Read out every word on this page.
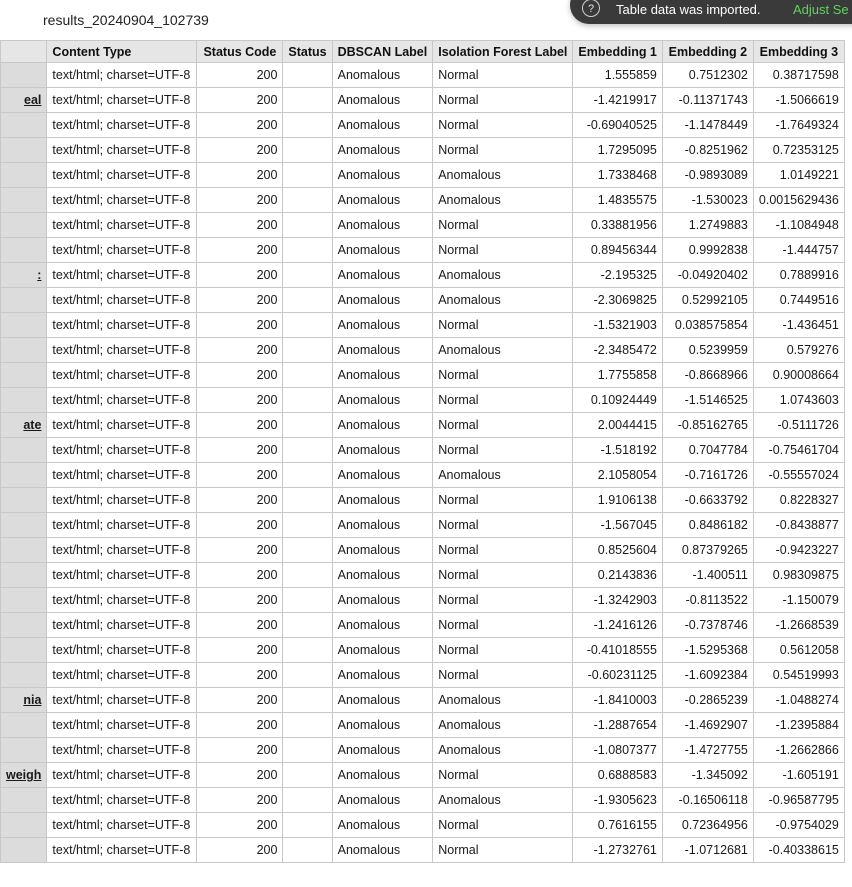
results_20240904_102739
?	Table data was imported. Adjust Se
	Content Type	Status Code	Status	DBSCAN Label	Isolation Forest Label	Embedding 1	Embedding 2	Embedding 3
	text/html; charset=UTF-8	200		Anomalous	Normal	1.555859	0.7512302	0.38717598
eal	text/html; charset=UTF-8	200		Anomalous	Normal	-1.4219917	-0.11371743	-1.5066619
	text/html; charset=UTF-8	200		Anomalous	Normal	-0.69040525	-1.1478449	-1.7649324
	text/html; charset=UTF-8	200		Anomalous	Normal	1.7295095	-0.8251962	0.72353125
	text/html; charset=UTF-8	200		Anomalous	Anomalous	1.7338468	-0.9893089	1.0149221
	text/html; charset=UTF-8	200		Anomalous	Anomalous	1.4835575	-1.530023	0.0015629436
	text/html; charset=UTF-8	200		Anomalous	Normal	0.33881956	1.2749883	-1.1084948
	text/html; charset=UTF-8	200		Anomalous	Normal	0.89456344	0.9992838	-1.444757
:	text/html; charset=UTF-8	200		Anomalous	Anomalous	-2.195325	-0.04920402	0.7889916
	text/html; charset=UTF-8	200		Anomalous	Anomalous	-2.3069825	0.52992105	0.7449516
	text/html; charset=UTF-8	200		Anomalous	Normal	-1.5321903	0.038575854	-1.436451
	text/html; charset=UTF-8	200		Anomalous	Anomalous	-2.3485472	0.5239959	0.579276
	text/html; charset=UTF-8	200		Anomalous	Normal	1.7755858	-0.8668966	0.90008664
	text/html; charset=UTF-8	200		Anomalous	Normal	0.10924449	-1.5146525	1.0743603
ate	text/html; charset=UTF-8	200		Anomalous	Normal	2.0044415	-0.85162765	-0.5111726
	text/html; charset=UTF-8	200		Anomalous	Normal	-1.518192	0.7047784	-0.75461704
	text/html; charset=UTF-8	200		Anomalous	Anomalous	2.1058054	-0.7161726	-0.55557024
	text/html; charset=UTF-8	200		Anomalous	Normal	1.9106138	-0.6633792	0.8228327
	text/html; charset=UTF-8	200		Anomalous	Normal	-1.567045	0.8486182	-0.8438877
	text/html; charset=UTF-8	200		Anomalous	Normal	0.8525604	0.87379265	-0.9423227
	text/html; charset=UTF-8	200		Anomalous	Normal	0.2143836	-1.400511	0.98309875
	text/html; charset=UTF-8	200		Anomalous	Normal	-1.3242903	-0.8113522	-1.150079
	text/html; charset=UTF-8	200		Anomalous	Normal	-1.2416126	-0.7378746	-1.2668539
	text/html; charset=UTF-8	200		Anomalous	Normal	-0.41018555	-1.5295368	0.5612058
	text/html; charset=UTF-8	200		Anomalous	Normal	-0.60231125	-1.6092384	0.54519993
nia	text/html; charset=UTF-8	200		Anomalous	Anomalous	-1.8410003	-0.2865239	-1.0488274
	text/html; charset=UTF-8	200		Anomalous	Anomalous	-1.2887654	-1.4692907	-1.2395884
	text/html; charset=UTF-8	200		Anomalous	Anomalous	-1.0807377	-1.4727755	-1.2662866
weigh	text/html; charset=UTF-8	200		Anomalous	Normal	0.6888583	-1.345092	-1.605191
	text/html; charset=UTF-8	200		Anomalous	Anomalous	-1.9305623	-0.16506118	-0.96587795
	text/html; charset=UTF-8	200		Anomalous	Normal	0.7616155	0.72364956	-0.9754029
	text/html; charset=UTF-8	200		Anomalous	Normal	-1.2732761	-1.0712681	-0.40338615
